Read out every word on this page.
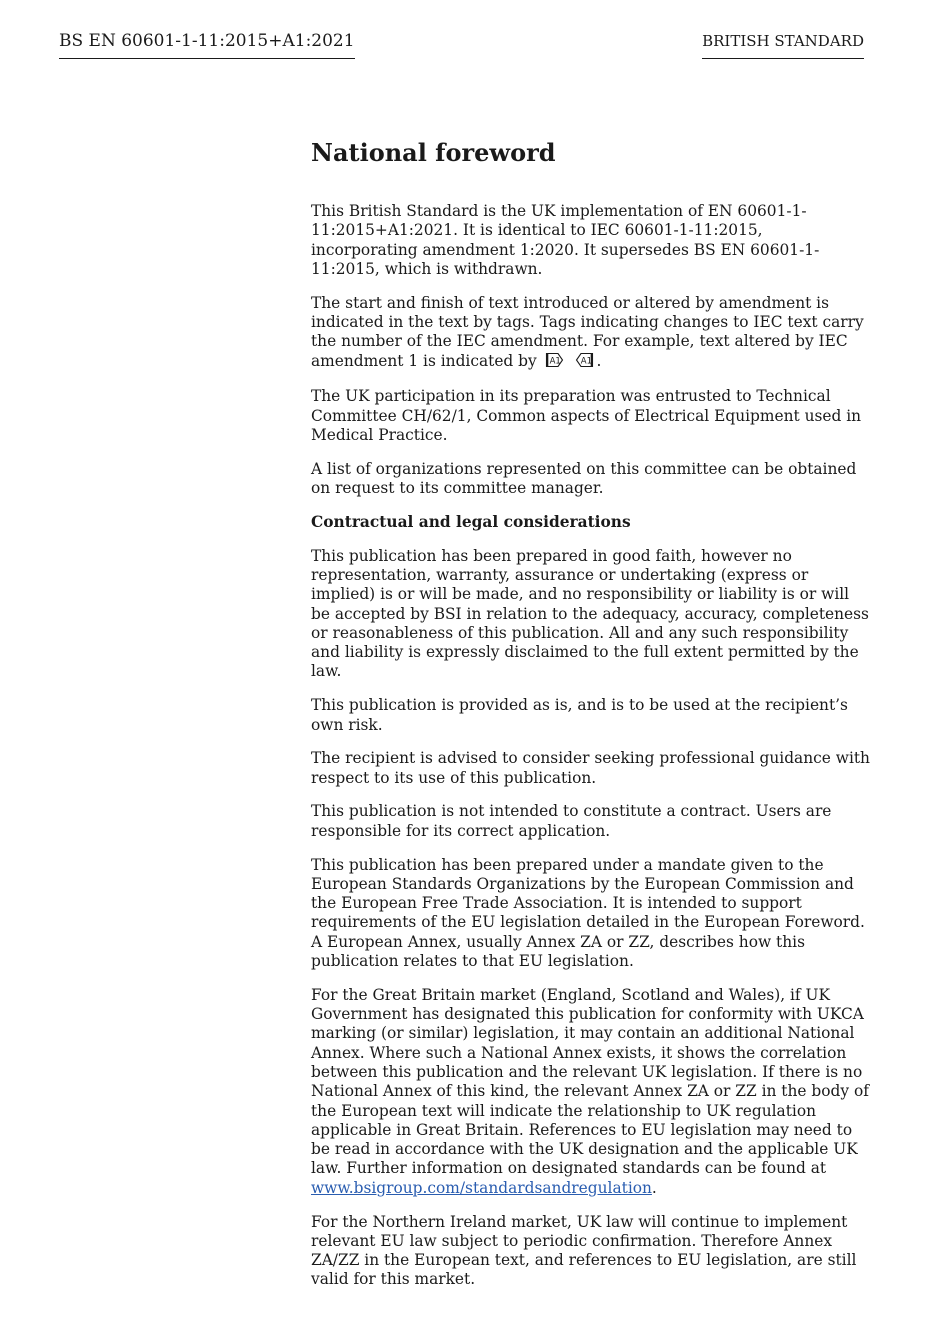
BS EN 60601-1-11:2015+A1:2021	BRITISH STANDARD
National foreword

This British Standard is the UK implementation of EN 60601-1-11:2015+A1:2021. It is identical to IEC 60601-1-11:2015, incorporating amendment 1:2020. It supersedes BS EN 60601-1-11:2015, which is withdrawn.

The start and finish of text introduced or altered by amendment is indicated in the text by tags. Tags indicating changes to IEC text carry the number of the IEC amendment. For example, text altered by IEC amendment 1 is indicated by A1
A1 .

The UK participation in its preparation was entrusted to Technical Committee CH/62/1, Common aspects of Electrical Equipment used in Medical Practice.

A list of organizations represented on this committee can be obtained on request to its committee manager.

Contractual and legal considerations

This publication has been prepared in good faith, however no representation, warranty, assurance or undertaking (express or implied) is or will be made, and no responsibility or liability is or will be accepted by BSI in relation to the adequacy, accuracy, completeness or reasonableness of this publication. All and any such responsibility and liability is expressly disclaimed to the full extent permitted by the law.

This publication is provided as is, and is to be used at the recipient’s own risk.

The recipient is advised to consider seeking professional guidance with respect to its use of this publication.

This publication is not intended to constitute a contract. Users are responsible for its correct application.

This publication has been prepared under a mandate given to the European Standards Organizations by the European Commission and the European Free Trade Association. It is intended to support requirements of the EU legislation detailed in the European Foreword. A European Annex, usually Annex ZA or ZZ, describes how this publication relates to that EU legislation.

For the Great Britain market (England, Scotland and Wales), if UK Government has designated this publication for conformity with UKCA marking (or similar) legislation, it may contain an additional National Annex. Where such a National Annex exists, it shows the correlation between this publication and the relevant UK legislation. If there is no National Annex of this kind, the relevant Annex ZA or ZZ in the body of the European text will indicate the relationship to UK regulation applicable in Great Britain. References to EU legislation may need to be read in accordance with the UK designation and the applicable UK law. Further information on designated standards can be found at www.bsigroup.com/standardsandregulation.

For the Northern Ireland market, UK law will continue to implement relevant EU law subject to periodic confirmation. Therefore Annex ZA/ZZ in the European text, and references to EU legislation, are still valid for this market.
